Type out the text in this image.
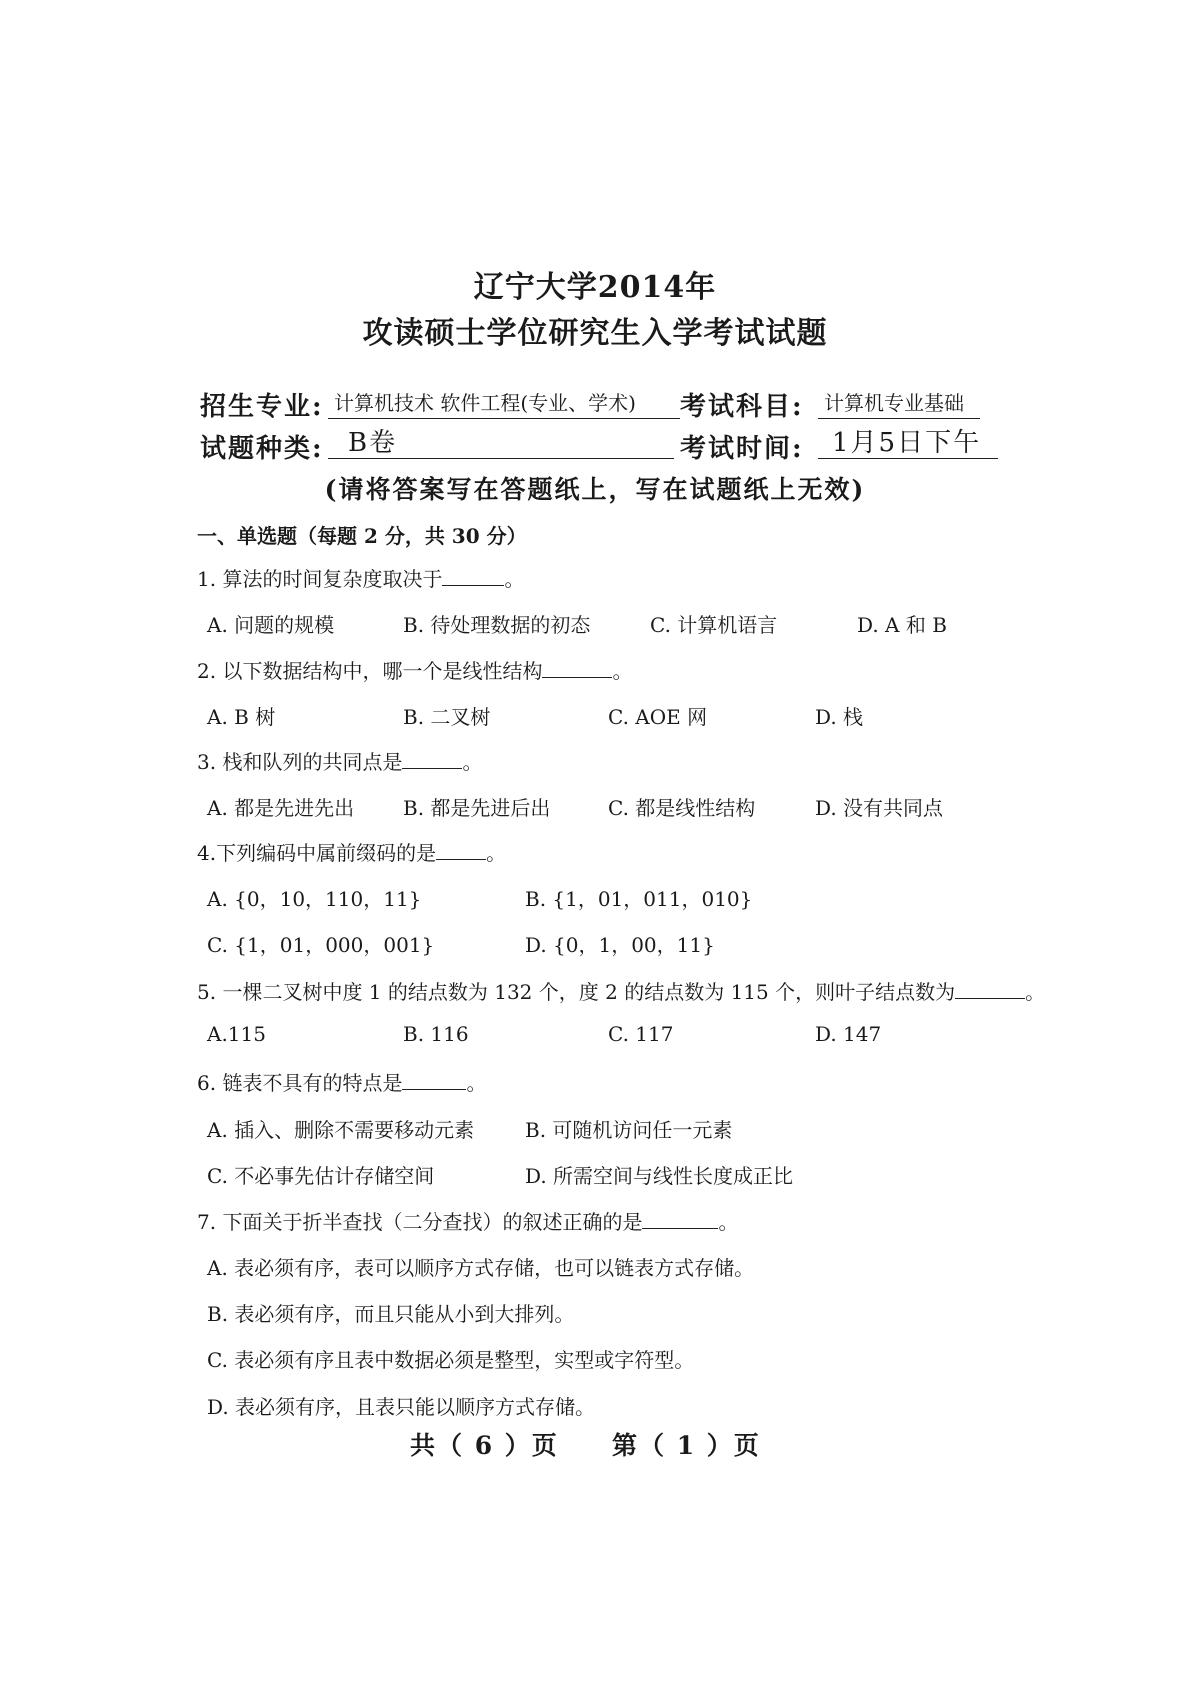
辽宁大学2014年
攻读硕士学位研究生入学考试试题
招生专业: 计算机技术 软件工程(专业、学术)	考试科目:	计算机专业基础
试题种类: B卷	考试时间:	1月5日下午
(请将答案写在答题纸上，写在试题纸上无效)
一、单选题（每题 2 分，共 30 分）
1. 算法的时间复杂度取决于	。
A. 问题的规模	B. 待处理数据的初态	C. 计算机语言	D. A 和 B
2. 以下数据结构中，哪一个是线性结构	。
A. B 树	B. 二叉树	C. AOE 网	D. 栈
3. 栈和队列的共同点是	。
A. 都是先进先出 B. 都是先进后出	C. 都是线性结构	D. 没有共同点
4.下列编码中属前缀码的是	。
A. {0，10，110，11}	B. {1，01，011，010}
C. {1，01，000，001}	D. {0，1，00，11}
5. 一棵二叉树中度 1 的结点数为 132 个，度 2 的结点数为 115 个，则叶子结点数为	。
A.115	B. 116	C. 117	D. 147
6. 链表不具有的特点是	。
A. 插入、删除不需要移动元素	B. 可随机访问任一元素
C. 不必事先估计存储空间	D. 所需空间与线性长度成正比
7. 下面关于折半查找（二分查找）的叙述正确的是	。
A. 表必须有序，表可以顺序方式存储，也可以链表方式存储。
B. 表必须有序，而且只能从小到大排列。
C. 表必须有序且表中数据必须是整型，实型或字符型。
D. 表必须有序，且表只能以顺序方式存储。
共（ 6 ）页 第（ 1 ）页
